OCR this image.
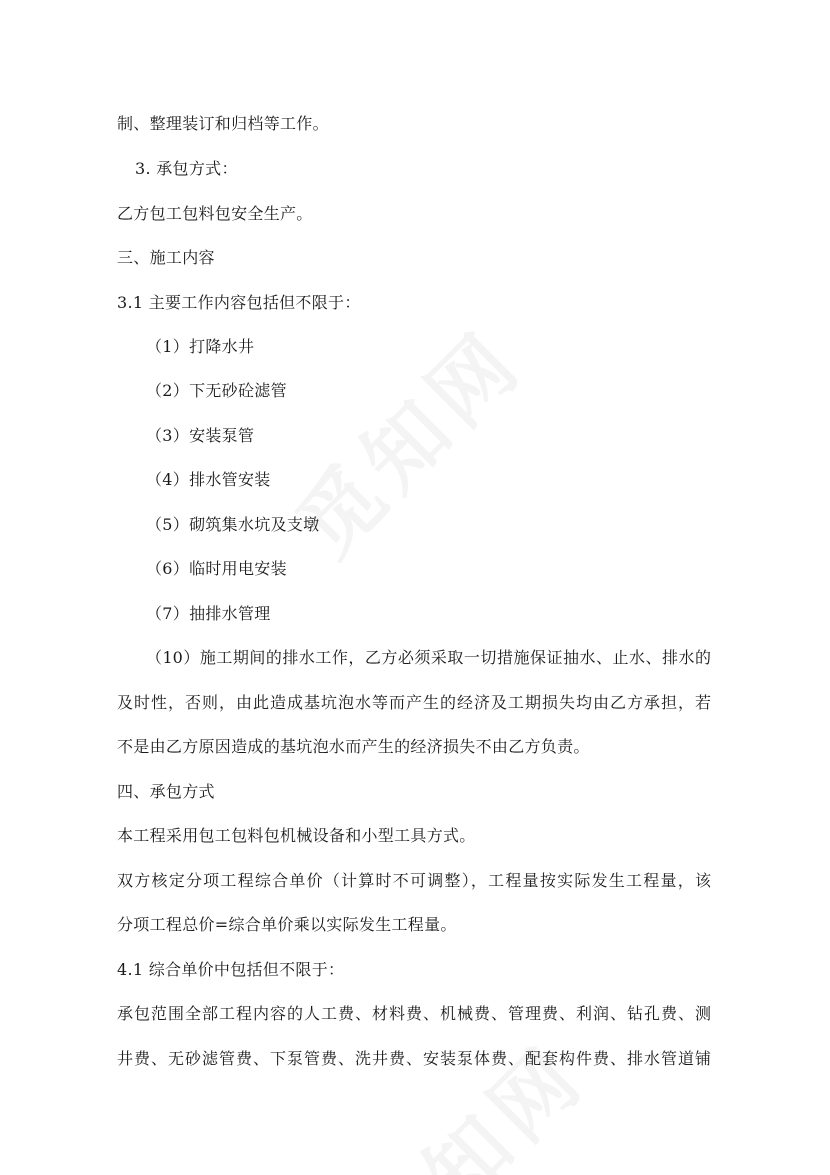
制、整理装订和归档等工作。
3. 承包方式：
乙方包工包料包安全生产。
三、施工内容
3.1 主要工作内容包括但不限于：
（1）打降水井
（2）下无砂砼滤管
（3）安装泵管
（4）排水管安装
（5）砌筑集水坑及支墩
（6）临时用电安装
（7）抽排水管理
（10）施工期间的排水工作，乙方必须采取一切措施保证抽水、止水、排水的
及时性，否则，由此造成基坑泡水等而产生的经济及工期损失均由乙方承担，若
不是由乙方原因造成的基坑泡水而产生的经济损失不由乙方负责。
四、承包方式
本工程采用包工包料包机械设备和小型工具方式。
双方核定分项工程综合单价（计算时不可调整），工程量按实际发生工程量，该
分项工程总价=综合单价乘以实际发生工程量。
4.1 综合单价中包括但不限于：
承包范围全部工程内容的人工费、材料费、机械费、管理费、利润、钻孔费、测
井费、无砂滤管费、下泵管费、洗井费、安装泵体费、配套构件费、排水管道铺
